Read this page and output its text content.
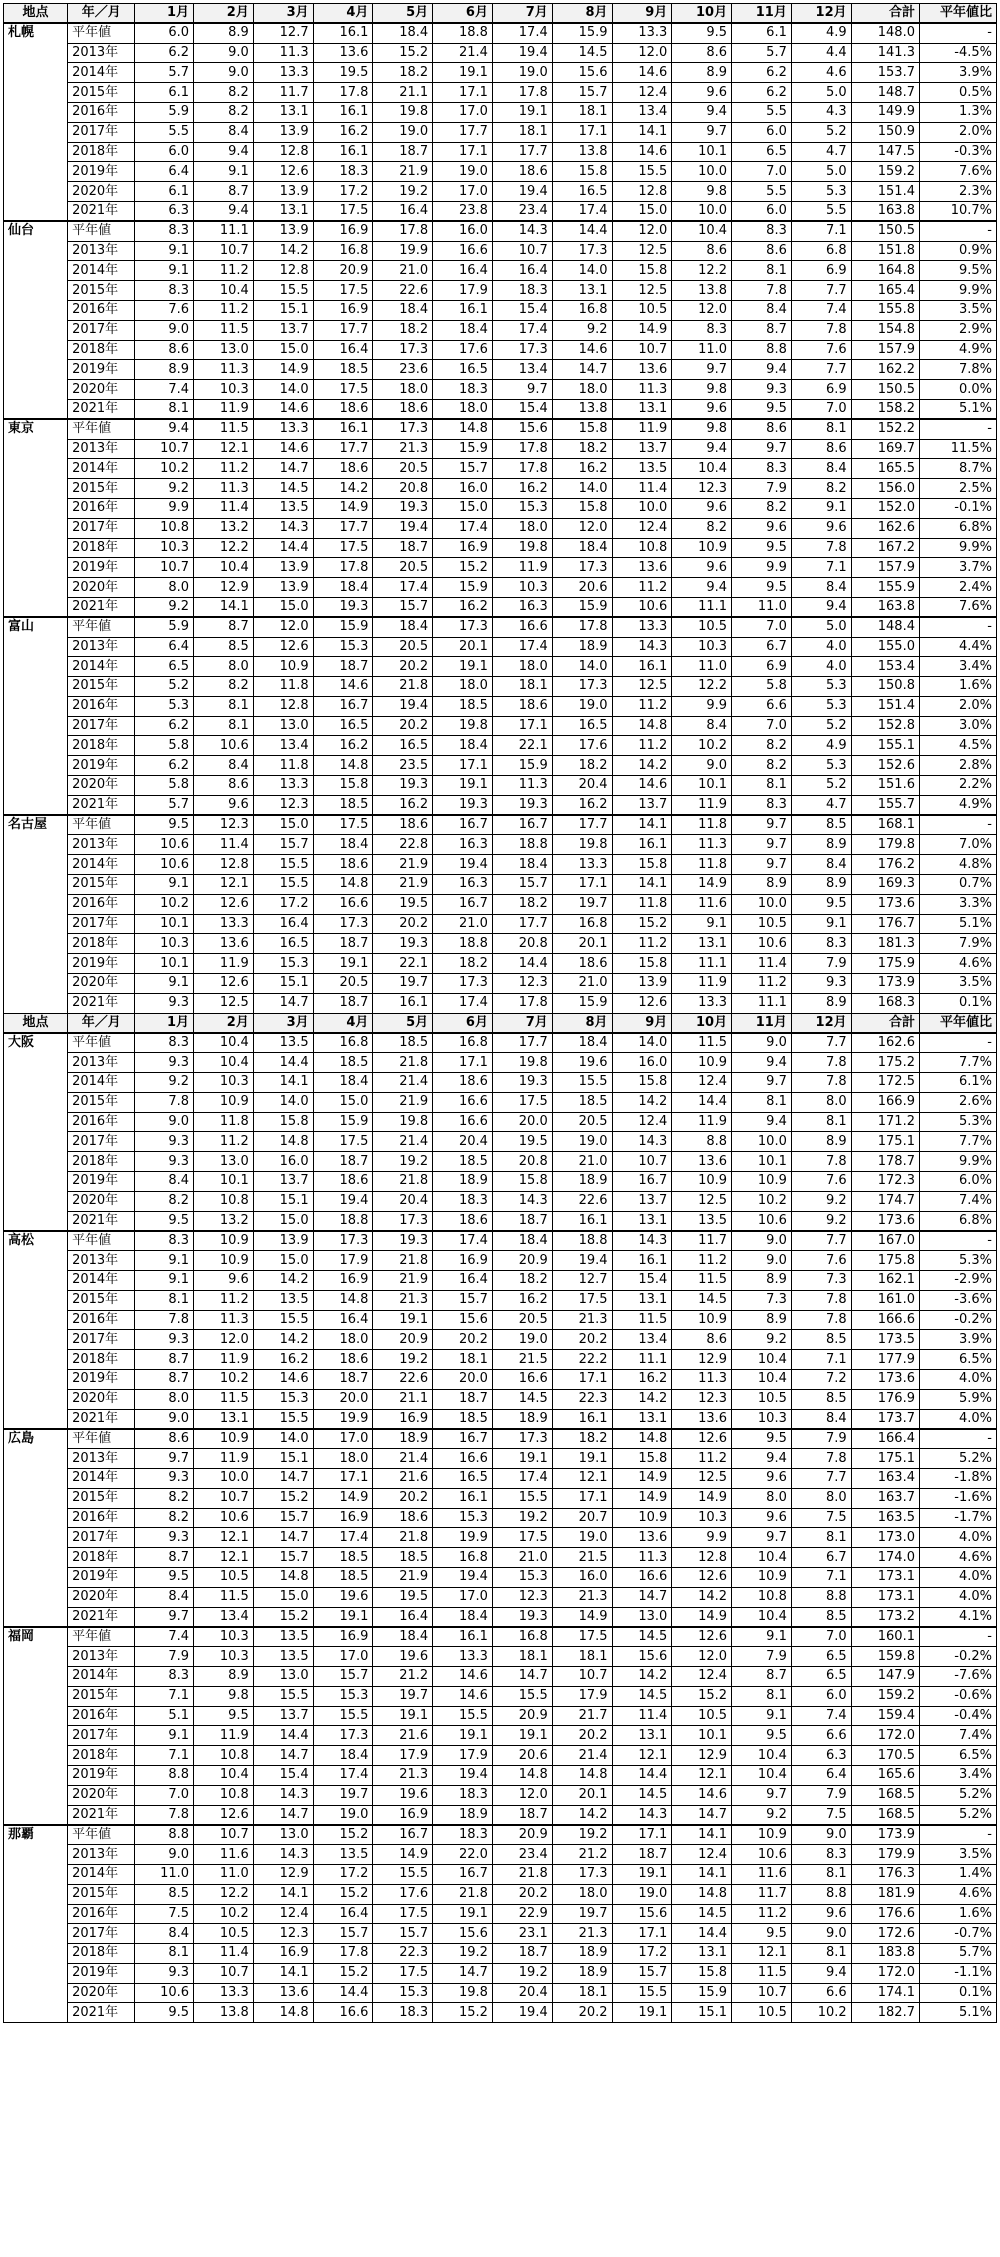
地点	年／月	1月	2月	3月	4月	5月	6月	7月	8月	9月	10月	11月	12月	合計	平年値比
札幌	平年値	6.0	8.9	12.7	16.1	18.4	18.8	17.4	15.9	13.3	9.5	6.1	4.9	148.0	-
	2013年	6.2	9.0	11.3	13.6	15.2	21.4	19.4	14.5	12.0	8.6	5.7	4.4	141.3	-4.5%
	2014年	5.7	9.0	13.3	19.5	18.2	19.1	19.0	15.6	14.6	8.9	6.2	4.6	153.7	3.9%
	2015年	6.1	8.2	11.7	17.8	21.1	17.1	17.8	15.7	12.4	9.6	6.2	5.0	148.7	0.5%
	2016年	5.9	8.2	13.1	16.1	19.8	17.0	19.1	18.1	13.4	9.4	5.5	4.3	149.9	1.3%
	2017年	5.5	8.4	13.9	16.2	19.0	17.7	18.1	17.1	14.1	9.7	6.0	5.2	150.9	2.0%
	2018年	6.0	9.4	12.8	16.1	18.7	17.1	17.7	13.8	14.6	10.1	6.5	4.7	147.5	-0.3%
	2019年	6.4	9.1	12.6	18.3	21.9	19.0	18.6	15.8	15.5	10.0	7.0	5.0	159.2	7.6%
	2020年	6.1	8.7	13.9	17.2	19.2	17.0	19.4	16.5	12.8	9.8	5.5	5.3	151.4	2.3%
	2021年	6.3	9.4	13.1	17.5	16.4	23.8	23.4	17.4	15.0	10.0	6.0	5.5	163.8	10.7%
仙台	平年値	8.3	11.1	13.9	16.9	17.8	16.0	14.3	14.4	12.0	10.4	8.3	7.1	150.5	-
	2013年	9.1	10.7	14.2	16.8	19.9	16.6	10.7	17.3	12.5	8.6	8.6	6.8	151.8	0.9%
	2014年	9.1	11.2	12.8	20.9	21.0	16.4	16.4	14.0	15.8	12.2	8.1	6.9	164.8	9.5%
	2015年	8.3	10.4	15.5	17.5	22.6	17.9	18.3	13.1	12.5	13.8	7.8	7.7	165.4	9.9%
	2016年	7.6	11.2	15.1	16.9	18.4	16.1	15.4	16.8	10.5	12.0	8.4	7.4	155.8	3.5%
	2017年	9.0	11.5	13.7	17.7	18.2	18.4	17.4	9.2	14.9	8.3	8.7	7.8	154.8	2.9%
	2018年	8.6	13.0	15.0	16.4	17.3	17.6	17.3	14.6	10.7	11.0	8.8	7.6	157.9	4.9%
	2019年	8.9	11.3	14.9	18.5	23.6	16.5	13.4	14.7	13.6	9.7	9.4	7.7	162.2	7.8%
	2020年	7.4	10.3	14.0	17.5	18.0	18.3	9.7	18.0	11.3	9.8	9.3	6.9	150.5	0.0%
	2021年	8.1	11.9	14.6	18.6	18.6	18.0	15.4	13.8	13.1	9.6	9.5	7.0	158.2	5.1%
東京	平年値	9.4	11.5	13.3	16.1	17.3	14.8	15.6	15.8	11.9	9.8	8.6	8.1	152.2	-
	2013年	10.7	12.1	14.6	17.7	21.3	15.9	17.8	18.2	13.7	9.4	9.7	8.6	169.7	11.5%
	2014年	10.2	11.2	14.7	18.6	20.5	15.7	17.8	16.2	13.5	10.4	8.3	8.4	165.5	8.7%
	2015年	9.2	11.3	14.5	14.2	20.8	16.0	16.2	14.0	11.4	12.3	7.9	8.2	156.0	2.5%
	2016年	9.9	11.4	13.5	14.9	19.3	15.0	15.3	15.8	10.0	9.6	8.2	9.1	152.0	-0.1%
	2017年	10.8	13.2	14.3	17.7	19.4	17.4	18.0	12.0	12.4	8.2	9.6	9.6	162.6	6.8%
	2018年	10.3	12.2	14.4	17.5	18.7	16.9	19.8	18.4	10.8	10.9	9.5	7.8	167.2	9.9%
	2019年	10.7	10.4	13.9	17.8	20.5	15.2	11.9	17.3	13.6	9.6	9.9	7.1	157.9	3.7%
	2020年	8.0	12.9	13.9	18.4	17.4	15.9	10.3	20.6	11.2	9.4	9.5	8.4	155.9	2.4%
	2021年	9.2	14.1	15.0	19.3	15.7	16.2	16.3	15.9	10.6	11.1	11.0	9.4	163.8	7.6%
富山	平年値	5.9	8.7	12.0	15.9	18.4	17.3	16.6	17.8	13.3	10.5	7.0	5.0	148.4	-
	2013年	6.4	8.5	12.6	15.3	20.5	20.1	17.4	18.9	14.3	10.3	6.7	4.0	155.0	4.4%
	2014年	6.5	8.0	10.9	18.7	20.2	19.1	18.0	14.0	16.1	11.0	6.9	4.0	153.4	3.4%
	2015年	5.2	8.2	11.8	14.6	21.8	18.0	18.1	17.3	12.5	12.2	5.8	5.3	150.8	1.6%
	2016年	5.3	8.1	12.8	16.7	19.4	18.5	18.6	19.0	11.2	9.9	6.6	5.3	151.4	2.0%
	2017年	6.2	8.1	13.0	16.5	20.2	19.8	17.1	16.5	14.8	8.4	7.0	5.2	152.8	3.0%
	2018年	5.8	10.6	13.4	16.2	16.5	18.4	22.1	17.6	11.2	10.2	8.2	4.9	155.1	4.5%
	2019年	6.2	8.4	11.8	14.8	23.5	17.1	15.9	18.2	14.2	9.0	8.2	5.3	152.6	2.8%
	2020年	5.8	8.6	13.3	15.8	19.3	19.1	11.3	20.4	14.6	10.1	8.1	5.2	151.6	2.2%
	2021年	5.7	9.6	12.3	18.5	16.2	19.3	19.3	16.2	13.7	11.9	8.3	4.7	155.7	4.9%
名古屋	平年値	9.5	12.3	15.0	17.5	18.6	16.7	16.7	17.7	14.1	11.8	9.7	8.5	168.1	-
	2013年	10.6	11.4	15.7	18.4	22.8	16.3	18.8	19.8	16.1	11.3	9.7	8.9	179.8	7.0%
	2014年	10.6	12.8	15.5	18.6	21.9	19.4	18.4	13.3	15.8	11.8	9.7	8.4	176.2	4.8%
	2015年	9.1	12.1	15.5	14.8	21.9	16.3	15.7	17.1	14.1	14.9	8.9	8.9	169.3	0.7%
	2016年	10.2	12.6	17.2	16.6	19.5	16.7	18.2	19.7	11.8	11.6	10.0	9.5	173.6	3.3%
	2017年	10.1	13.3	16.4	17.3	20.2	21.0	17.7	16.8	15.2	9.1	10.5	9.1	176.7	5.1%
	2018年	10.3	13.6	16.5	18.7	19.3	18.8	20.8	20.1	11.2	13.1	10.6	8.3	181.3	7.9%
	2019年	10.1	11.9	15.3	19.1	22.1	18.2	14.4	18.6	15.8	11.1	11.4	7.9	175.9	4.6%
	2020年	9.1	12.6	15.1	20.5	19.7	17.3	12.3	21.0	13.9	11.9	11.2	9.3	173.9	3.5%
	2021年	9.3	12.5	14.7	18.7	16.1	17.4	17.8	15.9	12.6	13.3	11.1	8.9	168.3	0.1%
地点	年／月	1月	2月	3月	4月	5月	6月	7月	8月	9月	10月	11月	12月	合計	平年値比
大阪	平年値	8.3	10.4	13.5	16.8	18.5	16.8	17.7	18.4	14.0	11.5	9.0	7.7	162.6	-
	2013年	9.3	10.4	14.4	18.5	21.8	17.1	19.8	19.6	16.0	10.9	9.4	7.8	175.2	7.7%
	2014年	9.2	10.3	14.1	18.4	21.4	18.6	19.3	15.5	15.8	12.4	9.7	7.8	172.5	6.1%
	2015年	7.8	10.9	14.0	15.0	21.9	16.6	17.5	18.5	14.2	14.4	8.1	8.0	166.9	2.6%
	2016年	9.0	11.8	15.8	15.9	19.8	16.6	20.0	20.5	12.4	11.9	9.4	8.1	171.2	5.3%
	2017年	9.3	11.2	14.8	17.5	21.4	20.4	19.5	19.0	14.3	8.8	10.0	8.9	175.1	7.7%
	2018年	9.3	13.0	16.0	18.7	19.2	18.5	20.8	21.0	10.7	13.6	10.1	7.8	178.7	9.9%
	2019年	8.4	10.1	13.7	18.6	21.8	18.9	15.8	18.9	16.7	10.9	10.9	7.6	172.3	6.0%
	2020年	8.2	10.8	15.1	19.4	20.4	18.3	14.3	22.6	13.7	12.5	10.2	9.2	174.7	7.4%
	2021年	9.5	13.2	15.0	18.8	17.3	18.6	18.7	16.1	13.1	13.5	10.6	9.2	173.6	6.8%
高松	平年値	8.3	10.9	13.9	17.3	19.3	17.4	18.4	18.8	14.3	11.7	9.0	7.7	167.0	-
	2013年	9.1	10.9	15.0	17.9	21.8	16.9	20.9	19.4	16.1	11.2	9.0	7.6	175.8	5.3%
	2014年	9.1	9.6	14.2	16.9	21.9	16.4	18.2	12.7	15.4	11.5	8.9	7.3	162.1	-2.9%
	2015年	8.1	11.2	13.5	14.8	21.3	15.7	16.2	17.5	13.1	14.5	7.3	7.8	161.0	-3.6%
	2016年	7.8	11.3	15.5	16.4	19.1	15.6	20.5	21.3	11.5	10.9	8.9	7.8	166.6	-0.2%
	2017年	9.3	12.0	14.2	18.0	20.9	20.2	19.0	20.2	13.4	8.6	9.2	8.5	173.5	3.9%
	2018年	8.7	11.9	16.2	18.6	19.2	18.1	21.5	22.2	11.1	12.9	10.4	7.1	177.9	6.5%
	2019年	8.7	10.2	14.6	18.7	22.6	20.0	16.6	17.1	16.2	11.3	10.4	7.2	173.6	4.0%
	2020年	8.0	11.5	15.3	20.0	21.1	18.7	14.5	22.3	14.2	12.3	10.5	8.5	176.9	5.9%
	2021年	9.0	13.1	15.5	19.9	16.9	18.5	18.9	16.1	13.1	13.6	10.3	8.4	173.7	4.0%
広島	平年値	8.6	10.9	14.0	17.0	18.9	16.7	17.3	18.2	14.8	12.6	9.5	7.9	166.4	-
	2013年	9.7	11.9	15.1	18.0	21.4	16.6	19.1	19.1	15.8	11.2	9.4	7.8	175.1	5.2%
	2014年	9.3	10.0	14.7	17.1	21.6	16.5	17.4	12.1	14.9	12.5	9.6	7.7	163.4	-1.8%
	2015年	8.2	10.7	15.2	14.9	20.2	16.1	15.5	17.1	14.9	14.9	8.0	8.0	163.7	-1.6%
	2016年	8.2	10.6	15.7	16.9	18.6	15.3	19.2	20.7	10.9	10.3	9.6	7.5	163.5	-1.7%
	2017年	9.3	12.1	14.7	17.4	21.8	19.9	17.5	19.0	13.6	9.9	9.7	8.1	173.0	4.0%
	2018年	8.7	12.1	15.7	18.5	18.5	16.8	21.0	21.5	11.3	12.8	10.4	6.7	174.0	4.6%
	2019年	9.5	10.5	14.8	18.5	21.9	19.4	15.3	16.0	16.6	12.6	10.9	7.1	173.1	4.0%
	2020年	8.4	11.5	15.0	19.6	19.5	17.0	12.3	21.3	14.7	14.2	10.8	8.8	173.1	4.0%
	2021年	9.7	13.4	15.2	19.1	16.4	18.4	19.3	14.9	13.0	14.9	10.4	8.5	173.2	4.1%
福岡	平年値	7.4	10.3	13.5	16.9	18.4	16.1	16.8	17.5	14.5	12.6	9.1	7.0	160.1	-
	2013年	7.9	10.3	13.5	17.0	19.6	13.3	18.1	18.1	15.6	12.0	7.9	6.5	159.8	-0.2%
	2014年	8.3	8.9	13.0	15.7	21.2	14.6	14.7	10.7	14.2	12.4	8.7	6.5	147.9	-7.6%
	2015年	7.1	9.8	15.5	15.3	19.7	14.6	15.5	17.9	14.5	15.2	8.1	6.0	159.2	-0.6%
	2016年	5.1	9.5	13.7	15.5	19.1	15.5	20.9	21.7	11.4	10.5	9.1	7.4	159.4	-0.4%
	2017年	9.1	11.9	14.4	17.3	21.6	19.1	19.1	20.2	13.1	10.1	9.5	6.6	172.0	7.4%
	2018年	7.1	10.8	14.7	18.4	17.9	17.9	20.6	21.4	12.1	12.9	10.4	6.3	170.5	6.5%
	2019年	8.8	10.4	15.4	17.4	21.3	19.4	14.8	14.8	14.4	12.1	10.4	6.4	165.6	3.4%
	2020年	7.0	10.8	14.3	19.7	19.6	18.3	12.0	20.1	14.5	14.6	9.7	7.9	168.5	5.2%
	2021年	7.8	12.6	14.7	19.0	16.9	18.9	18.7	14.2	14.3	14.7	9.2	7.5	168.5	5.2%
那覇	平年値	8.8	10.7	13.0	15.2	16.7	18.3	20.9	19.2	17.1	14.1	10.9	9.0	173.9	-
	2013年	9.0	11.6	14.3	13.5	14.9	22.0	23.4	21.2	18.7	12.4	10.6	8.3	179.9	3.5%
	2014年	11.0	11.0	12.9	17.2	15.5	16.7	21.8	17.3	19.1	14.1	11.6	8.1	176.3	1.4%
	2015年	8.5	12.2	14.1	15.2	17.6	21.8	20.2	18.0	19.0	14.8	11.7	8.8	181.9	4.6%
	2016年	7.5	10.2	12.4	16.4	17.5	19.1	22.9	19.7	15.6	14.5	11.2	9.6	176.6	1.6%
	2017年	8.4	10.5	12.3	15.7	15.7	15.6	23.1	21.3	17.1	14.4	9.5	9.0	172.6	-0.7%
	2018年	8.1	11.4	16.9	17.8	22.3	19.2	18.7	18.9	17.2	13.1	12.1	8.1	183.8	5.7%
	2019年	9.3	10.7	14.1	15.2	17.5	14.7	19.2	18.9	15.7	15.8	11.5	9.4	172.0	-1.1%
	2020年	10.6	13.3	13.6	14.4	15.3	19.8	20.4	18.1	15.5	15.9	10.7	6.6	174.1	0.1%
	2021年	9.5	13.8	14.8	16.6	18.3	15.2	19.4	20.2	19.1	15.1	10.5	10.2	182.7	5.1%
